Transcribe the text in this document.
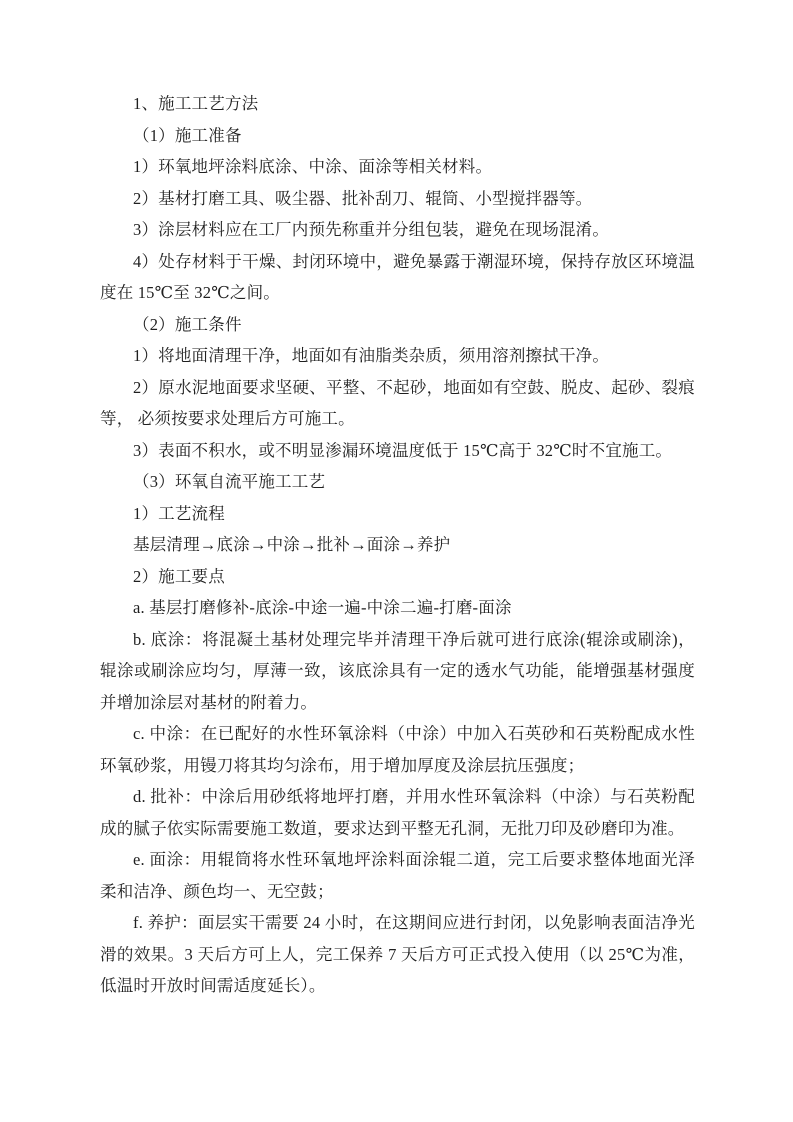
1、施工工艺方法

（1）施工准备

1）环氧地坪涂料底涂、中涂、面涂等相关材料。

2）基材打磨工具、吸尘器、批补刮刀、辊筒、小型搅拌器等。

3）涂层材料应在工厂内预先称重并分组包装，避免在现场混淆。

4）处存材料于干燥、封闭环境中，避免暴露于潮湿环境，保持存放区环境温度在 15℃至 32℃之间。

（2）施工条件

1）将地面清理干净，地面如有油脂类杂质，须用溶剂擦拭干净。

2）原水泥地面要求坚硬、平整、不起砂，地面如有空鼓、脱皮、起砂、裂痕等， 必须按要求处理后方可施工。

3）表面不积水，或不明显渗漏环境温度低于 15℃高于 32℃时不宜施工。

（3）环氧自流平施工工艺

1）工艺流程

基层清理→底涂→中涂→批补→面涂→养护

2）施工要点

a. 基层打磨修补-底涂-中途一遍-中涂二遍-打磨-面涂

b. 底涂：将混凝土基材处理完毕并清理干净后就可进行底涂(辊涂或刷涂)，辊涂或刷涂应均匀，厚薄一致，该底涂具有一定的透水气功能，能增强基材强度并增加涂层对基材的附着力。

c. 中涂：在已配好的水性环氧涂料（中涂）中加入石英砂和石英粉配成水性环氧砂浆，用镘刀将其均匀涂布，用于增加厚度及涂层抗压强度；

d. 批补：中涂后用砂纸将地坪打磨，并用水性环氧涂料（中涂）与石英粉配成的腻子依实际需要施工数道，要求达到平整无孔洞，无批刀印及砂磨印为准。

e. 面涂：用辊筒将水性环氧地坪涂料面涂辊二道，完工后要求整体地面光泽柔和洁净、颜色均一、无空鼓；

f. 养护：面层实干需要 24 小时，在这期间应进行封闭，以免影响表面洁净光滑的效果。3 天后方可上人，完工保养 7 天后方可正式投入使用（以 25℃为准，低温时开放时间需适度延长）。
